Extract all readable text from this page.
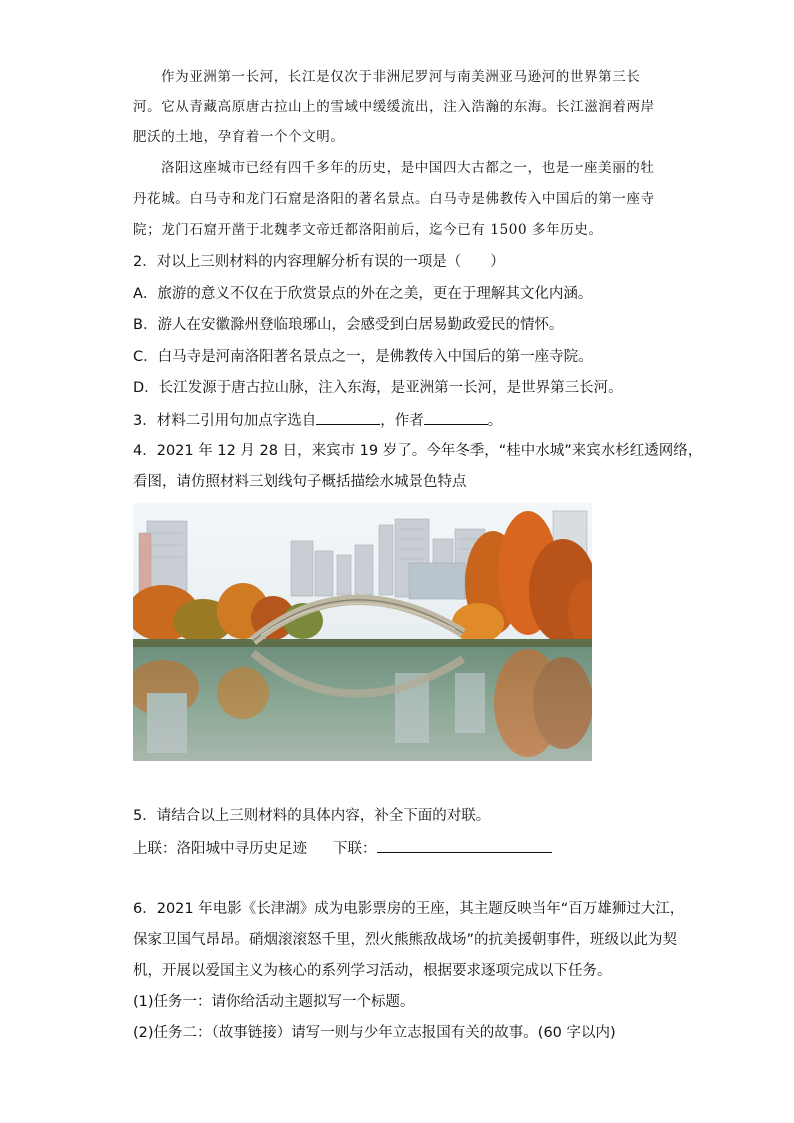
作为亚洲第一长河，长江是仅次于非洲尼罗河与南美洲亚马逊河的世界第三长
河。它从青藏高原唐古拉山上的雪域中缓缓流出，注入浩瀚的东海。长江滋润着两岸
肥沃的土地，孕育着一个个文明。
洛阳这座城市已经有四千多年的历史，是中国四大古都之一，也是一座美丽的牡
丹花城。白马寺和龙门石窟是洛阳的著名景点。白马寺是佛教传入中国后的第一座寺
院；龙门石窟开凿于北魏孝文帝迁都洛阳前后，迄今已有 1500 多年历史。
2．对以上三则材料的内容理解分析有误的一项是（　　）
A．旅游的意义不仅在于欣赏景点的外在之美，更在于理解其文化内涵。
B．游人在安徽滁州登临琅琊山，会感受到白居易勤政爱民的情怀。
C．白马寺是河南洛阳著名景点之一，是佛教传入中国后的第一座寺院。
D．长江发源于唐古拉山脉，注入东海，是亚洲第一长河，是世界第三长河。
3．材料二引用句加点字选自	，作者	。
4．2021 年 12 月 28 日，来宾市 19 岁了。今年冬季，“桂中水城”来宾水杉红透网络，
看图，请仿照材料三划线句子概括描绘水城景色特点
5．请结合以上三则材料的具体内容，补全下面的对联。
上联：洛阳城中寻历史足迹 下联：
6．2021 年电影《长津湖》成为电影票房的王座，其主题反映当年“百万雄狮过大江，
保家卫国气昂昂。硝烟滚滚怒千里，烈火熊熊敌战场”的抗美援朝事件，班级以此为契
机，开展以爱国主义为核心的系列学习活动，根据要求逐项完成以下任务。
(1)任务一：请你给活动主题拟写一个标题。
(2)任务二：（故事链接）请写一则与少年立志报国有关的故事。(60 字以内)
